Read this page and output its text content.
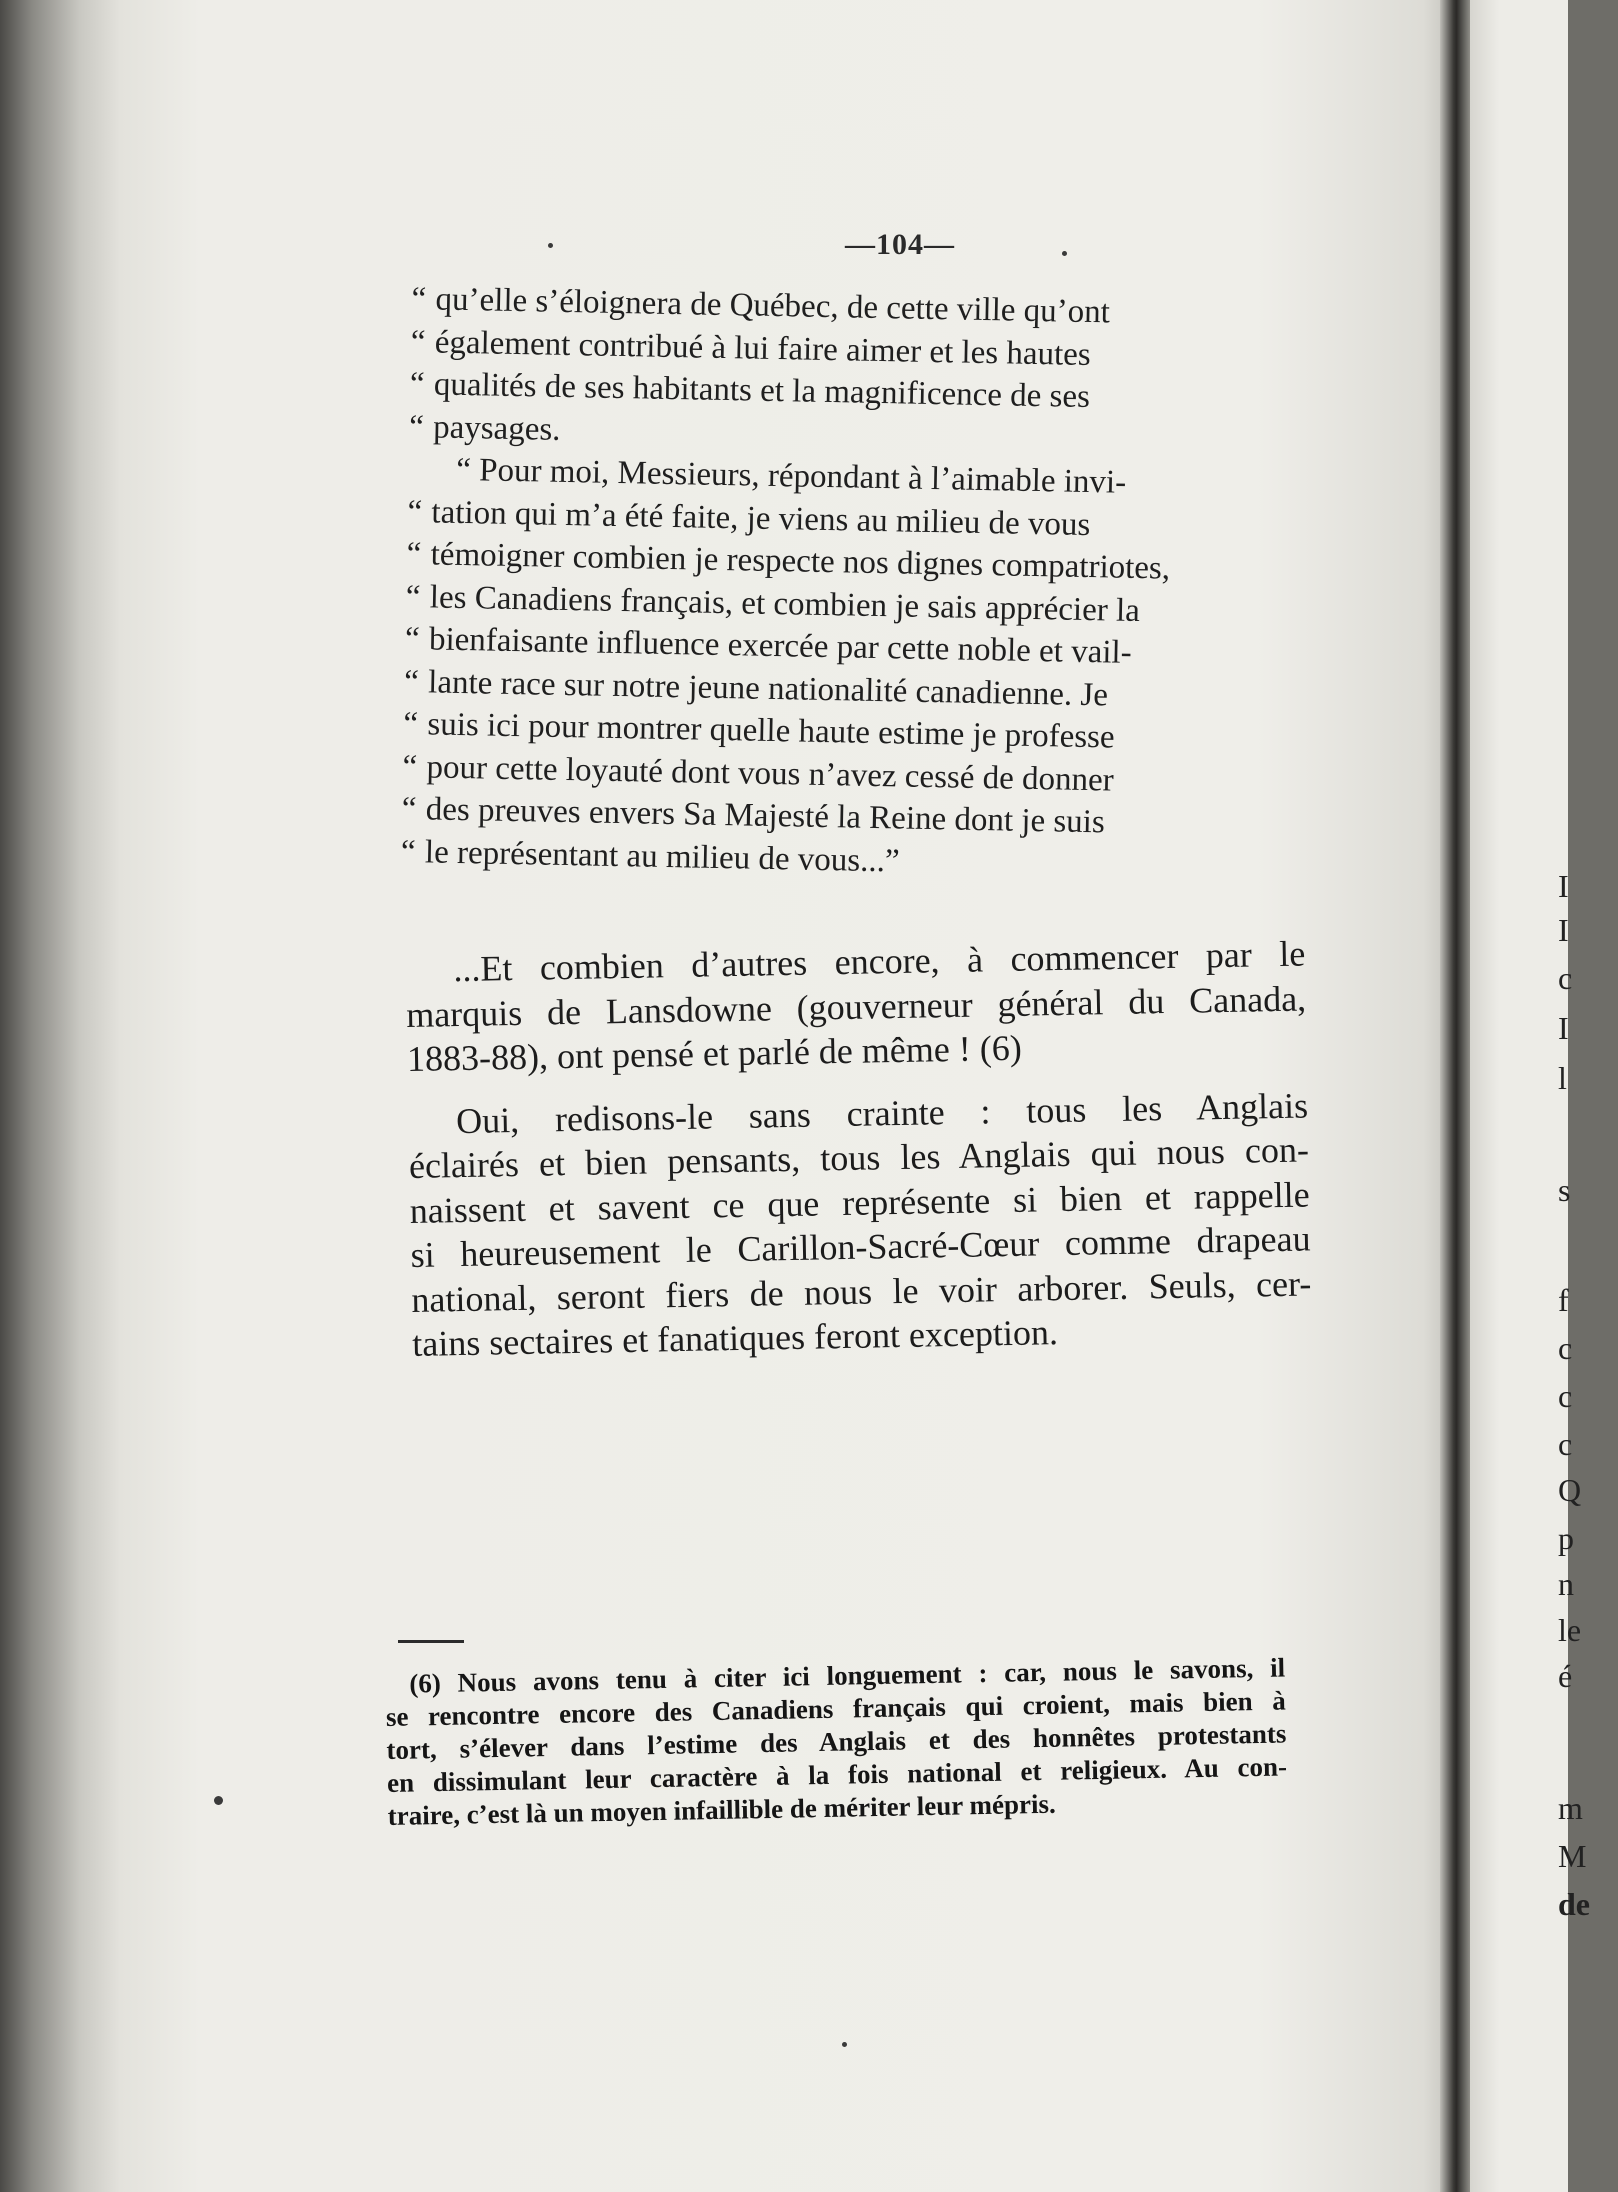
—104—
“ qu’elle s’éloignera de Québec, de cette ville qu’ont
“ également contribué à lui faire aimer et les hautes
“ qualités de ses habitants et la magnificence de ses
“ paysages.
“ Pour moi, Messieurs, répondant à l’aimable invi-
“ tation qui m’a été faite, je viens au milieu de vous
“ témoigner combien je respecte nos dignes compatriotes,
“ les Canadiens français, et combien je sais apprécier la
“ bienfaisante influence exercée par cette noble et vail-
“ lante race sur notre jeune nationalité canadienne. Je
“ suis ici pour montrer quelle haute estime je professe
“ pour cette loyauté dont vous n’avez cessé de donner
“ des preuves envers Sa Majesté la Reine dont je suis
“ le représentant au milieu de vous...”
...Et combien d’autres encore, à commencer par le
marquis de Lansdowne (gouverneur général du Canada,
1883-88), ont pensé et parlé de même ! (6)
Oui, redisons-le sans crainte : tous les Anglais
éclairés et bien pensants, tous les Anglais qui nous con-
naissent et savent ce que représente si bien et rappelle
si heureusement le Carillon-Sacré-Cœur comme drapeau
national, seront fiers de nous le voir arborer. Seuls, cer-
tains sectaires et fanatiques feront exception.
(6) Nous avons tenu à citer ici longuement : car, nous le savons, il
se rencontre encore des Canadiens français qui croient, mais bien à
tort, s’élever dans l’estime des Anglais et des honnêtes protestants
en dissimulant leur caractère à la fois national et religieux. Au con-
traire, c’est là un moyen infaillible de mériter leur mépris.
I
I
c
I
l
s
f
c
c
c
Q
p
n
le
é
m
M
de
